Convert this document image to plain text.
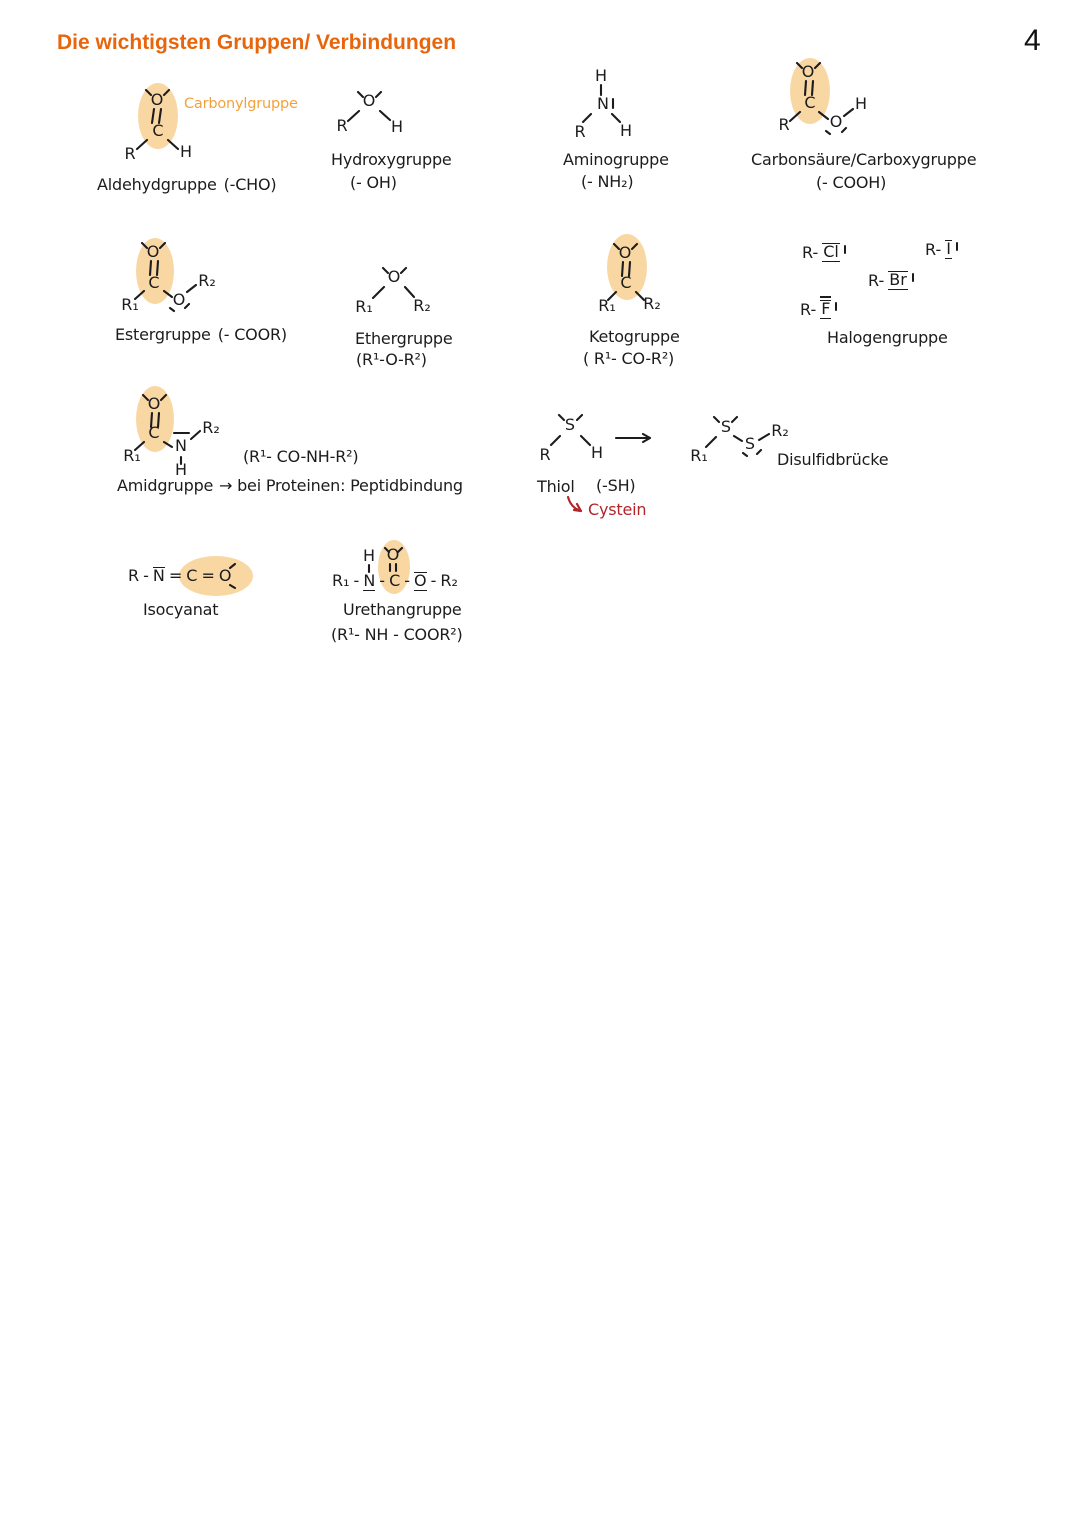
Die wichtigsten Gruppen/ Verbindungen	4
O
C
R	H
Carbonylgruppe
Aldehydgruppe (-CHO)
O
R	H
Hydroxygruppe
(- OH)
H
N
R H
Aminogruppe
(- NH₂)
O
C
R	O
H
Carbonsäure/Carboxygruppe
(- COOH)
O
C
R₁ O
R₂
Estergruppe (- COOR)
O
R₁	R₂
Ethergruppe
(R¹-O-R²)
O
C
R₁ R₂
Ketogruppe
( R¹- CO-R²)
R- Cl	R- I
R- Br
R- F
Halogengruppe
O
C
R₁
N
H
R₂
(R¹- CO-NH-R²)
Amidgruppe → bei Proteinen: Peptidbindung
S
R	H
Thiol (-SH)
Cystein
S
S
R₁
R₂
Disulfidbrücke
R - N = C = O
Isocyanat
H O
R₁ - N - C - O - R₂
Urethangruppe
(R¹- NH - COOR²)
